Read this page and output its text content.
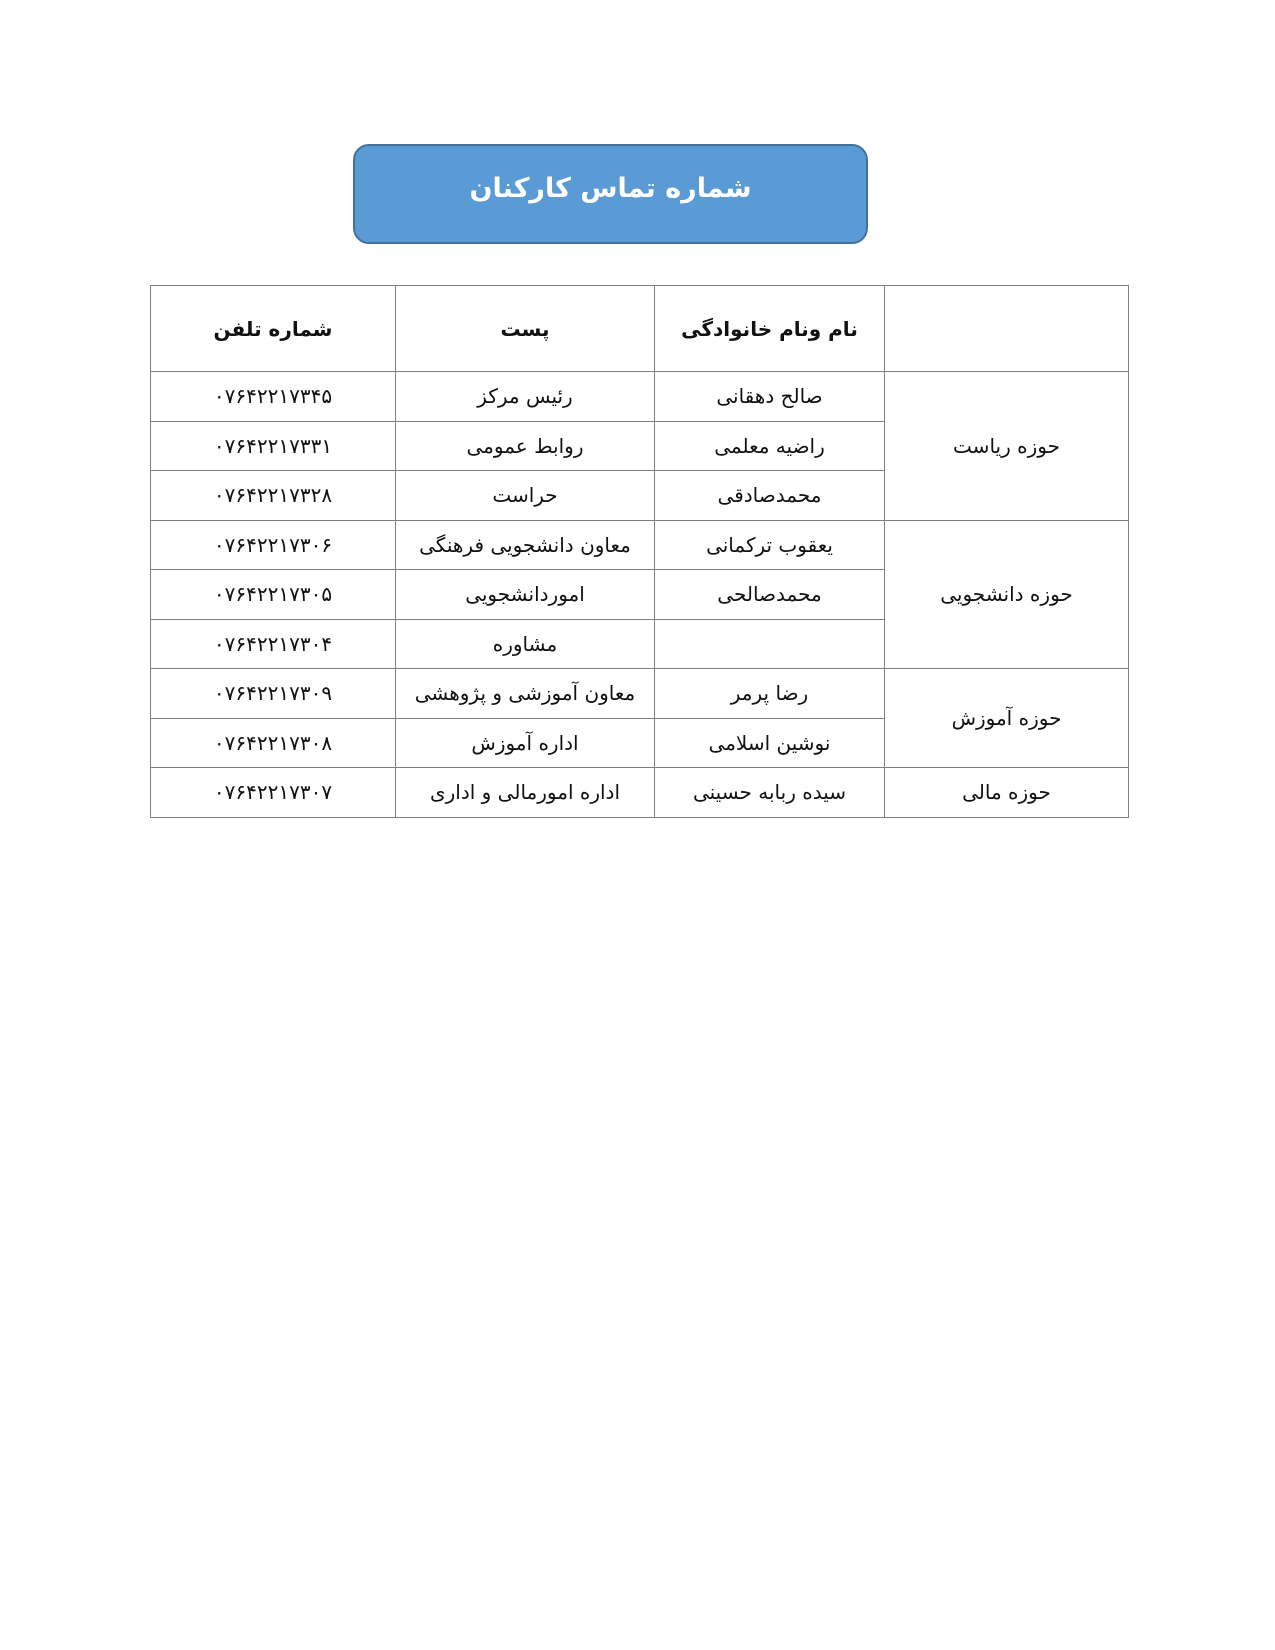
شماره تماس کارکنان
	نام ونام خانوادگی	پست	شماره تلفن
حوزه ریاست	صالح دهقانی	رئیس مرکز	۰۷۶۴۲۲۱۷۳۴۵
	راضیه معلمی	روابط عمومی	۰۷۶۴۲۲۱۷۳۳۱
	محمدصادقی	حراست	۰۷۶۴۲۲۱۷۳۲۸
حوزه دانشجویی	یعقوب ترکمانی	معاون دانشجویی فرهنگی	۰۷۶۴۲۲۱۷۳۰۶
	محمدصالحی	اموردانشجویی	۰۷۶۴۲۲۱۷۳۰۵
		مشاوره	۰۷۶۴۲۲۱۷۳۰۴
حوزه آموزش	رضا پرمر	معاون آموزشی و پژوهشی	۰۷۶۴۲۲۱۷۳۰۹
	نوشین اسلامی	اداره آموزش	۰۷۶۴۲۲۱۷۳۰۸
حوزه مالی	سیده ربابه حسینی	اداره امورمالی و اداری	۰۷۶۴۲۲۱۷۳۰۷
